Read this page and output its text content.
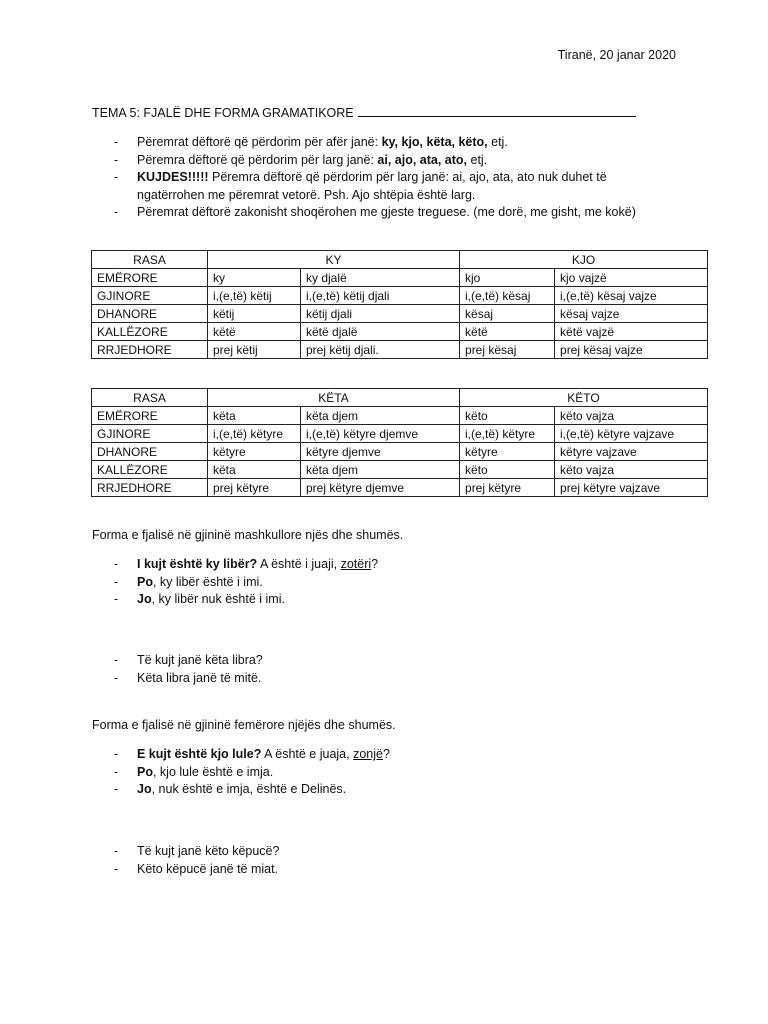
Tiranë, 20 janar 2020
TEMA 5: FJALË DHE FORMA GRAMATIKORE
- Përemrat dëftorë që përdorim për afër janë: ky, kjo, këta, këto, etj.
- Përemra dëftorë që përdorim për larg janë: ai, ajo, ata, ato, etj.
- KUJDES!!!!! Përemra dëftorë që përdorim për larg janë: ai, ajo, ata, ato nuk duhet të ngatërrohen me përemrat vetorë. Psh. Ajo shtëpia është larg.
- Përemrat dëftorë zakonisht shoqërohen me gjeste treguese. (me dorë, me gisht, me kokë)
RASA	KY		KJO	
EMËRORE	ky	ky djalë	kjo	kjo vajzë
GJINORE	i,(e,të) këtij	i,(e,të) këtij djali	i,(e,të) kësaj	i,(e,të) kësaj vajze
DHANORE	këtij	këtij djali	kësaj	kësaj vajze
KALLËZORE	këtë	këtë djalë	këtë	këtë vajzë
RRJEDHORE	prej këtij	prej këtij djali.	prej kësaj	prej kësaj vajze
RASA	KËTA		KËTO	
EMËRORE	këta	këta djem	këto	këto vajza
GJINORE	i,(e,të) këtyre	i,(e,të) këtyre djemve	i,(e,të) këtyre	i,(e,të) këtyre vajzave
DHANORE	këtyre	këtyre djemve	këtyre	këtyre vajzave
KALLËZORE	këta	këta djem	këto	këto vajza
RRJEDHORE	prej këtyre	prej këtyre djemve	prej këtyre	prej këtyre vajzave
Forma e fjalisë në gjininë mashkullore njës dhe shumës.
- I kujt është ky libër? A është i juaji, zotëri?
- Po, ky libër është i imi.
- Jo, ky libër nuk është i imi.
- Të kujt janë këta libra?
- Këta libra janë të mitë.
Forma e fjalisë në gjininë femërore njëjës dhe shumës.
- E kujt është kjo lule? A është e juaja, zonjë?
- Po, kjo lule është e imja.
- Jo, nuk është e imja, është e Delinës.
- Të kujt janë këto këpucë?
- Këto këpucë janë të miat.
